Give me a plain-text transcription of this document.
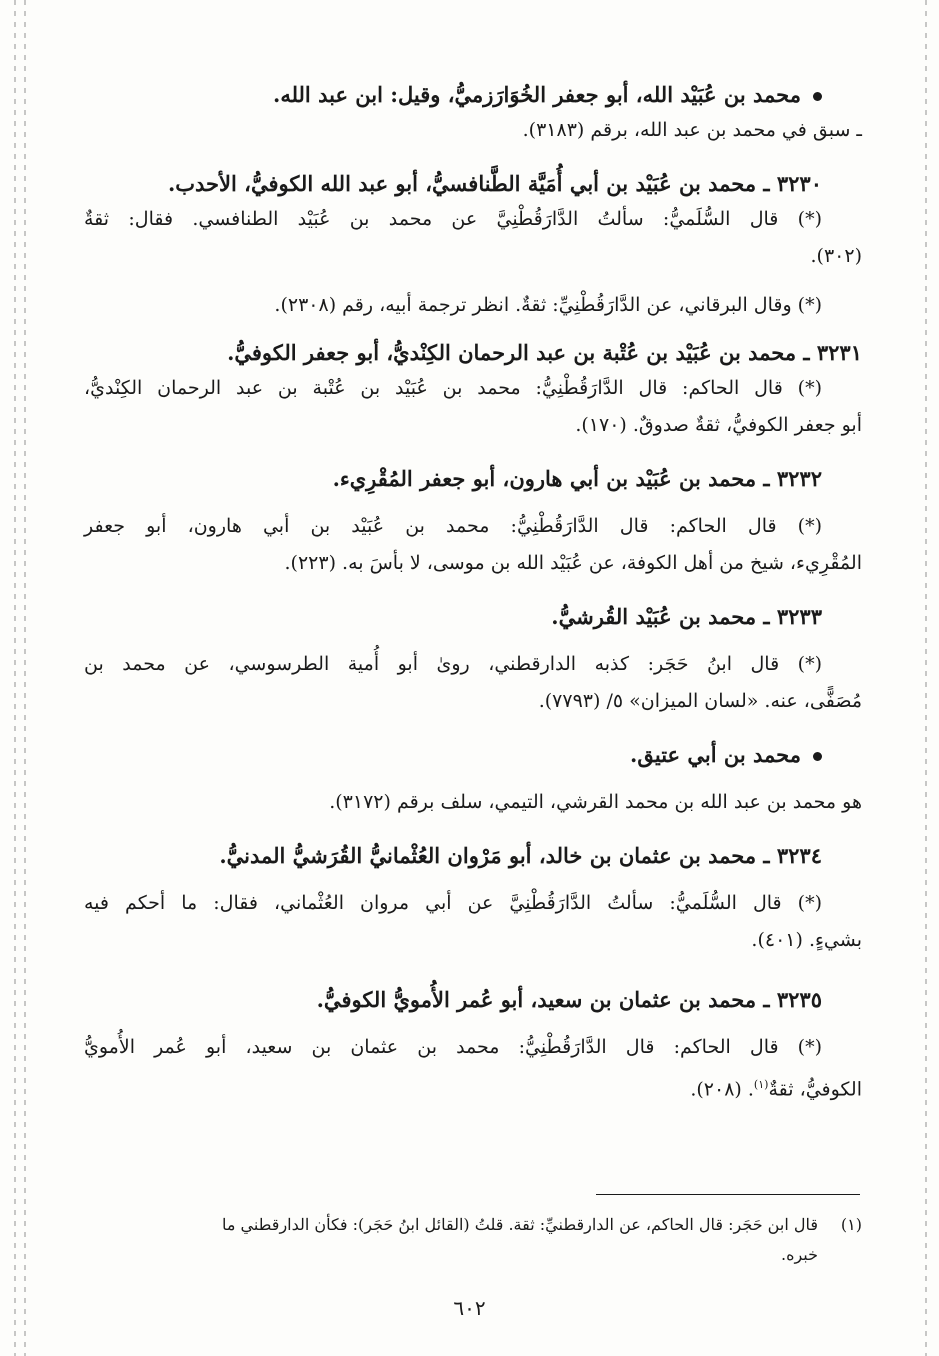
محمد بن عُبَيْد الله، أبو جعفر الخُوَارَزميُّ، وقيل: ابن عبد الله.
ـ سبق في محمد بن عبد الله، برقم (٣١٨٣).
٣٢٣٠ ـ محمد بن عُبَيْد بن أبي أُمَيَّة الطَّنافسيُّ، أبو عبد الله الكوفيُّ، الأحدب.
(*) قال السُّلَميُّ: سألتُ الدَّارَقُطْنِيَّ عن محمد بن عُبَيْد الطنافسي. فقال: ثقةٌ
(٣٠٢).
(*) وقال البرقاني، عن الدَّارَقُطْنِيِّ: ثقةٌ. انظر ترجمة أبيه، رقم (٢٣٠٨).
٣٢٣١ ـ محمد بن عُبَيْد بن عُتْبة بن عبد الرحمان الكِنْديُّ، أبو جعفر الكوفيُّ.
(*) قال الحاكم: قال الدَّارَقُطْنِيُّ: محمد بن عُبَيْد بن عُتْبة بن عبد الرحمان الكِنْديُّ،
أبو جعفر الكوفيُّ، ثقةٌ صدوقٌ. (١٧٠).
٣٢٣٢ ـ محمد بن عُبَيْد بن أبي هارون، أبو جعفر المُقْرِيء.
(*) قال الحاكم: قال الدَّارَقُطْنِيُّ: محمد بن عُبَيْد بن أبي هارون، أبو جعفر
المُقْرِيء، شيخ من أهل الكوفة، عن عُبَيْد الله بن موسى، لا بأسَ به. (٢٢٣).
٣٢٣٣ ـ محمد بن عُبَيْد القُرشيُّ.
(*) قال ابنُ حَجَر: كذبه الدارقطني، روىٰ أبو أُمية الطرسوسي، عن محمد بن
مُصَفًّى، عنه. «لسان الميزان» ٥/ (٧٧٩٣).
محمد بن أبي عتيق.
هو محمد بن عبد الله بن محمد القرشي، التيمي، سلف برقم (٣١٧٢).
٣٢٣٤ ـ محمد بن عثمان بن خالد، أبو مَرْوان العُثْمانيُّ القُرَشيُّ المدنيُّ.
(*) قال السُّلَميُّ: سألتُ الدَّارَقُطْنِيَّ عن أبي مروان العُثْماني، فقال: ما أحكم فيه
بشيءٍ. (٤٠١).
٣٢٣٥ ـ محمد بن عثمان بن سعيد، أبو عُمر الأُمويُّ الكوفيُّ.
(*) قال الحاكم: قال الدَّارَقُطْنِيُّ: محمد بن عثمان بن سعيد، أبو عُمر الأُمويُّ
الكوفيُّ، ثقةٌ$^{(١)}$. (٢٠٨).
(١)
قال ابن حَجَر: قال الحاكم، عن الدارقطنيِّ: ثقة. قلتُ (القائل ابنُ حَجَر): فكأن الدارقطني ما
خبره.
٦٠٢
